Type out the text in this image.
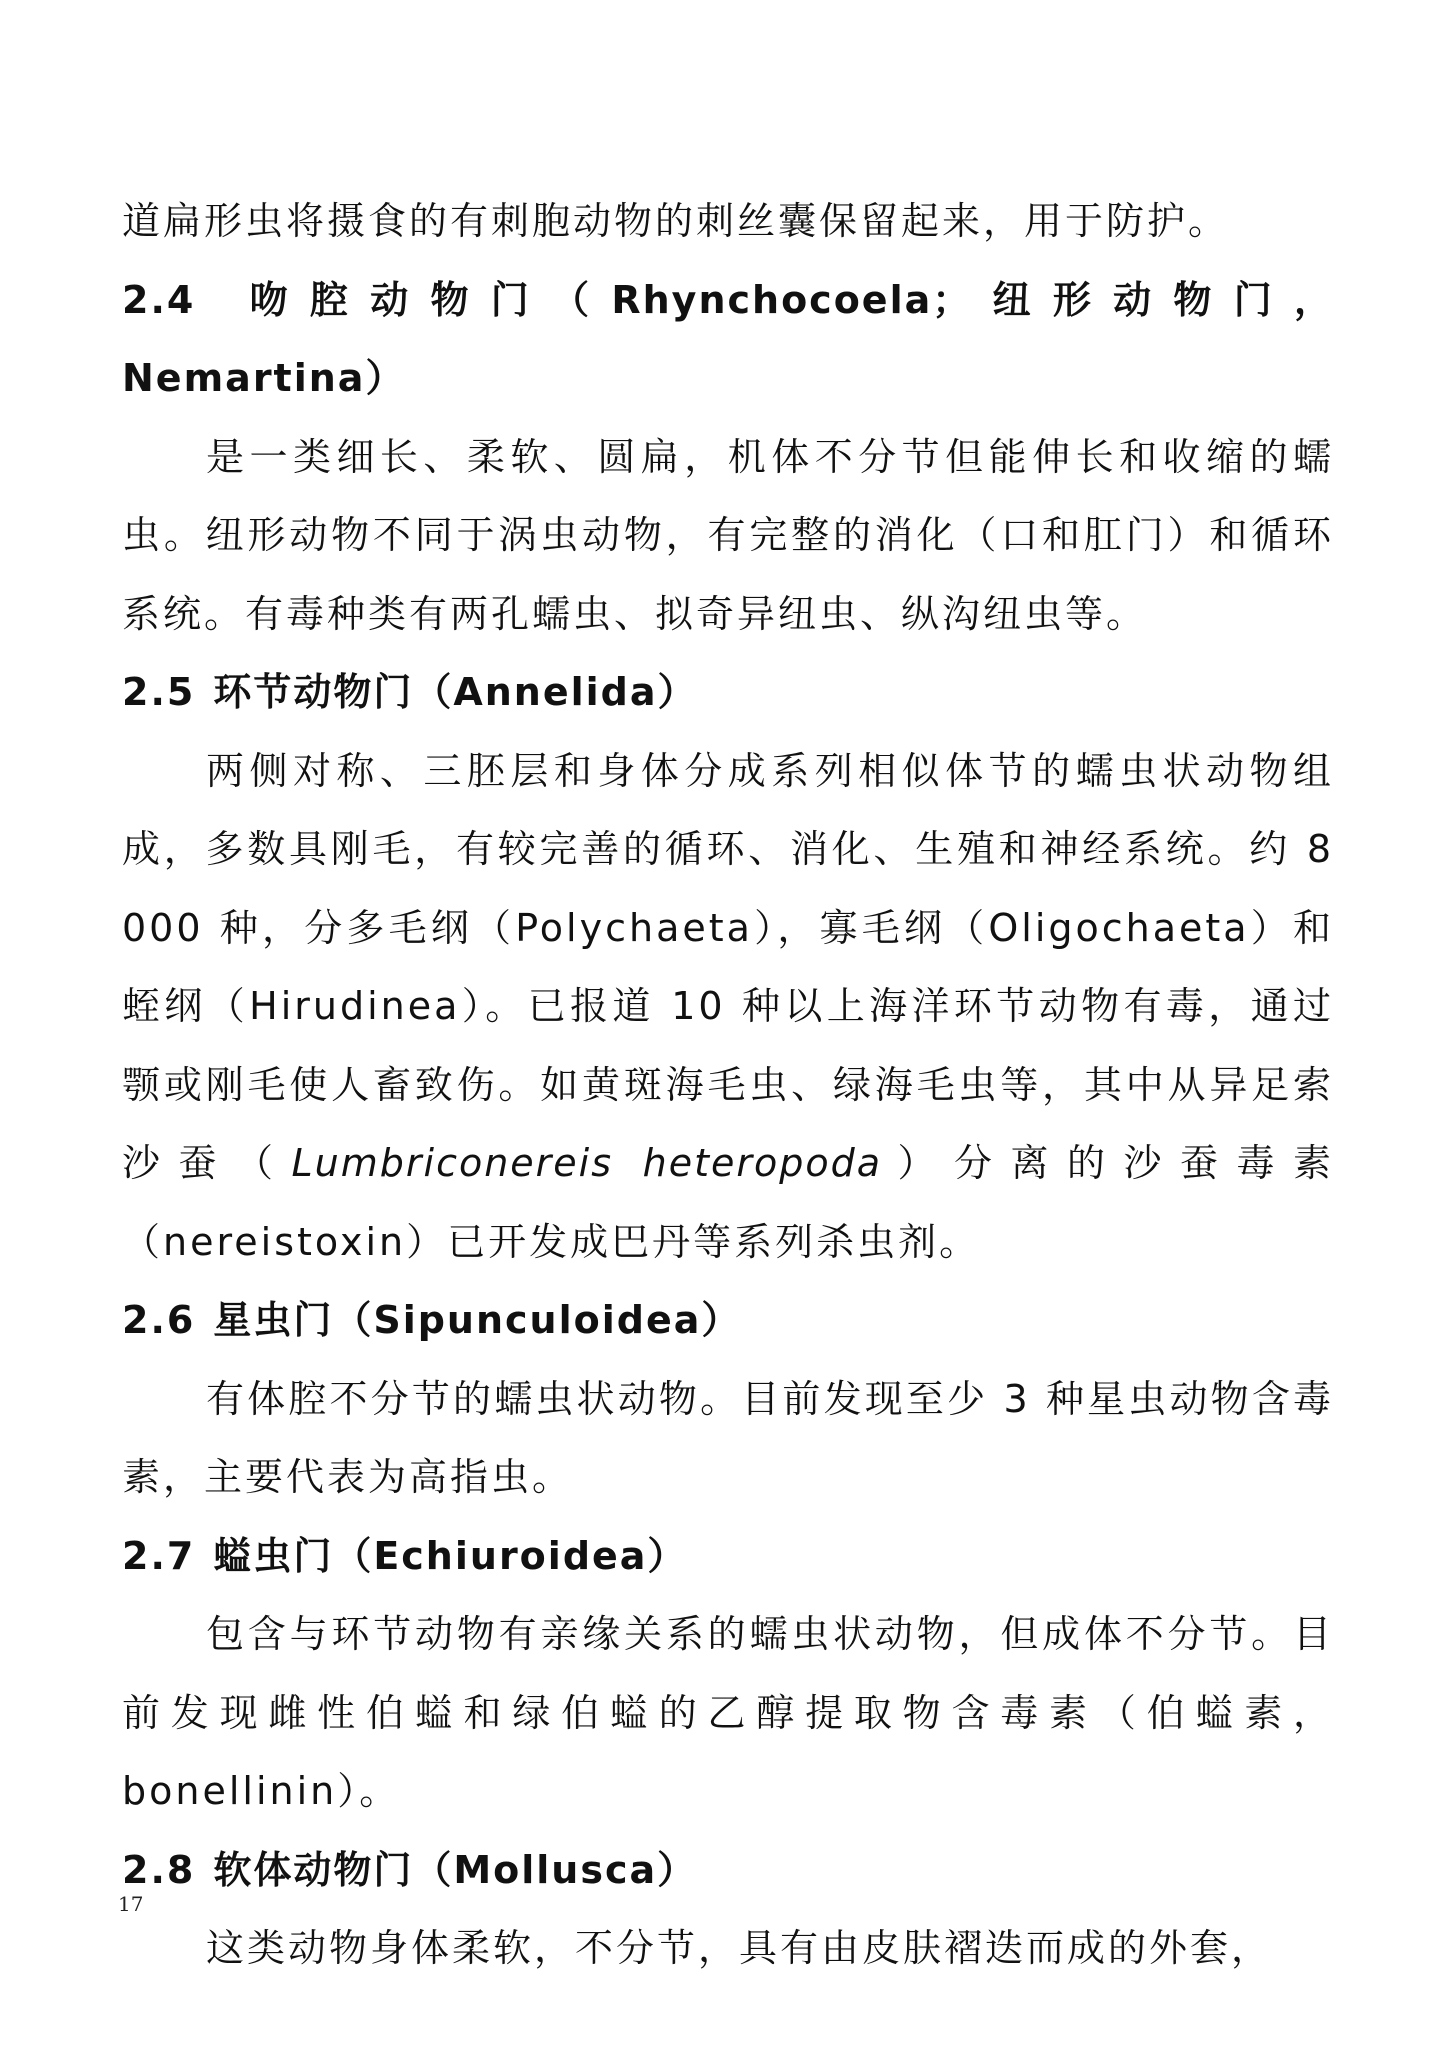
道扁形虫将摄食的有刺胞动物的刺丝囊保留起来，用于防护。

2.4 吻腔动物门（Rhynchocoela；纽形动物门，Nemartina）

是一类细长、柔软、圆扁，机体不分节但能伸长和收缩的蠕虫。纽形动物不同于涡虫动物，有完整的消化（口和肛门）和循环系统。有毒种类有两孔蠕虫、拟奇异纽虫、纵沟纽虫等。

2.5 环节动物门（Annelida）

两侧对称、三胚层和身体分成系列相似体节的蠕虫状动物组成，多数具刚毛，有较完善的循环、消化、生殖和神经系统。约 8 000 种，分多毛纲（Polychaeta），寡毛纲（Oligochaeta）和蛭纲（Hirudinea）。已报道 10 种以上海洋环节动物有毒，通过颚或刚毛使人畜致伤。如黄斑海毛虫、绿海毛虫等，其中从异足索沙蚕（Lumbriconereis heteropoda）分离的沙蚕毒素（nereistoxin）已开发成巴丹等系列杀虫剂。

2.6 星虫门（Sipunculoidea）

有体腔不分节的蠕虫状动物。目前发现至少 3 种星虫动物含毒素，主要代表为高指虫。

2.7 螠虫门（Echiuroidea）

包含与环节动物有亲缘关系的蠕虫状动物，但成体不分节。目前发现雌性伯螠和绿伯螠的乙醇提取物含毒素（伯螠素，bonellinin）。

2.8 软体动物门（Mollusca）

这类动物身体柔软，不分节，具有由皮肤褶迭而成的外套，

17
